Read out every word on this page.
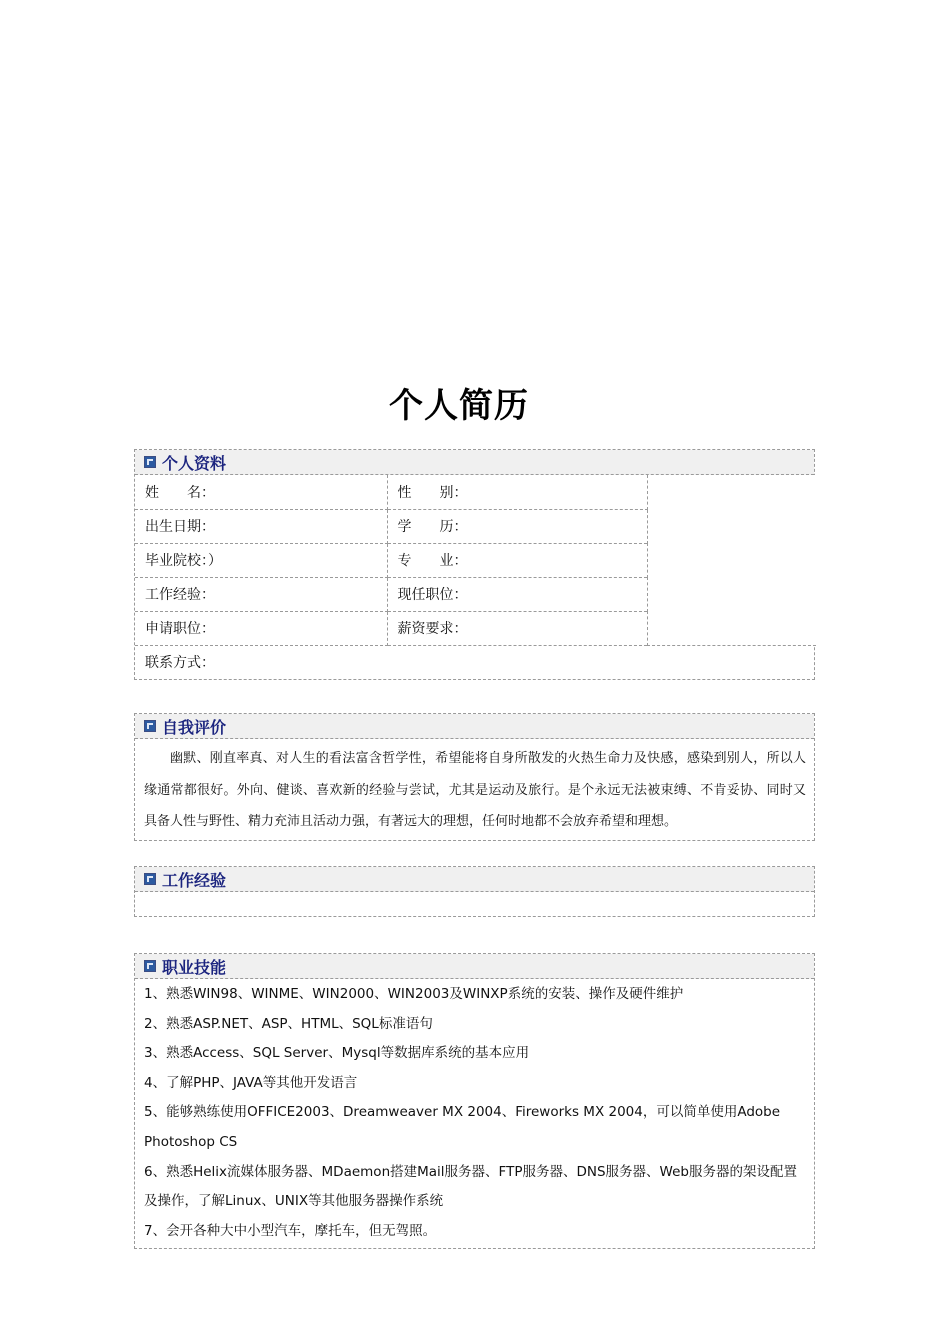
个人简历
个人资料
姓　　名：	性　　别：	
出生日期：	学　　历：	
毕业院校：）	专　　业：	
工作经验：	现任职位：	
申请职位：	薪资要求：	
联系方式：		
自我评价
幽默、刚直率真、对人生的看法富含哲学性，希望能将自身所散发的火热生命力及快感，感染到别人，所以人缘通常都很好。外向、健谈、喜欢新的经验与尝试，尤其是运动及旅行。是个永远无法被束缚、不肯妥协、同时又具备人性与野性、精力充沛且活动力强，有著远大的理想，任何时地都不会放弃希望和理想。
工作经验
职业技能
1、熟悉WIN98、WINME、WIN2000、WIN2003及WINXP系统的安装、操作及硬件维护
2、熟悉ASP.NET、ASP、HTML、SQL标准语句
3、熟悉Access、SQL Server、Mysql等数据库系统的基本应用
4、了解PHP、JAVA等其他开发语言
5、能够熟练使用OFFICE2003、Dreamweaver MX 2004、Fireworks MX 2004，可以简单使用Adobe Photoshop CS
6、熟悉Helix流媒体服务器、MDaemon搭建Mail服务器、FTP服务器、DNS服务器、Web服务器的架设配置及操作，了解Linux、UNIX等其他服务器操作系统
7、会开各种大中小型汽车，摩托车，但无驾照。
